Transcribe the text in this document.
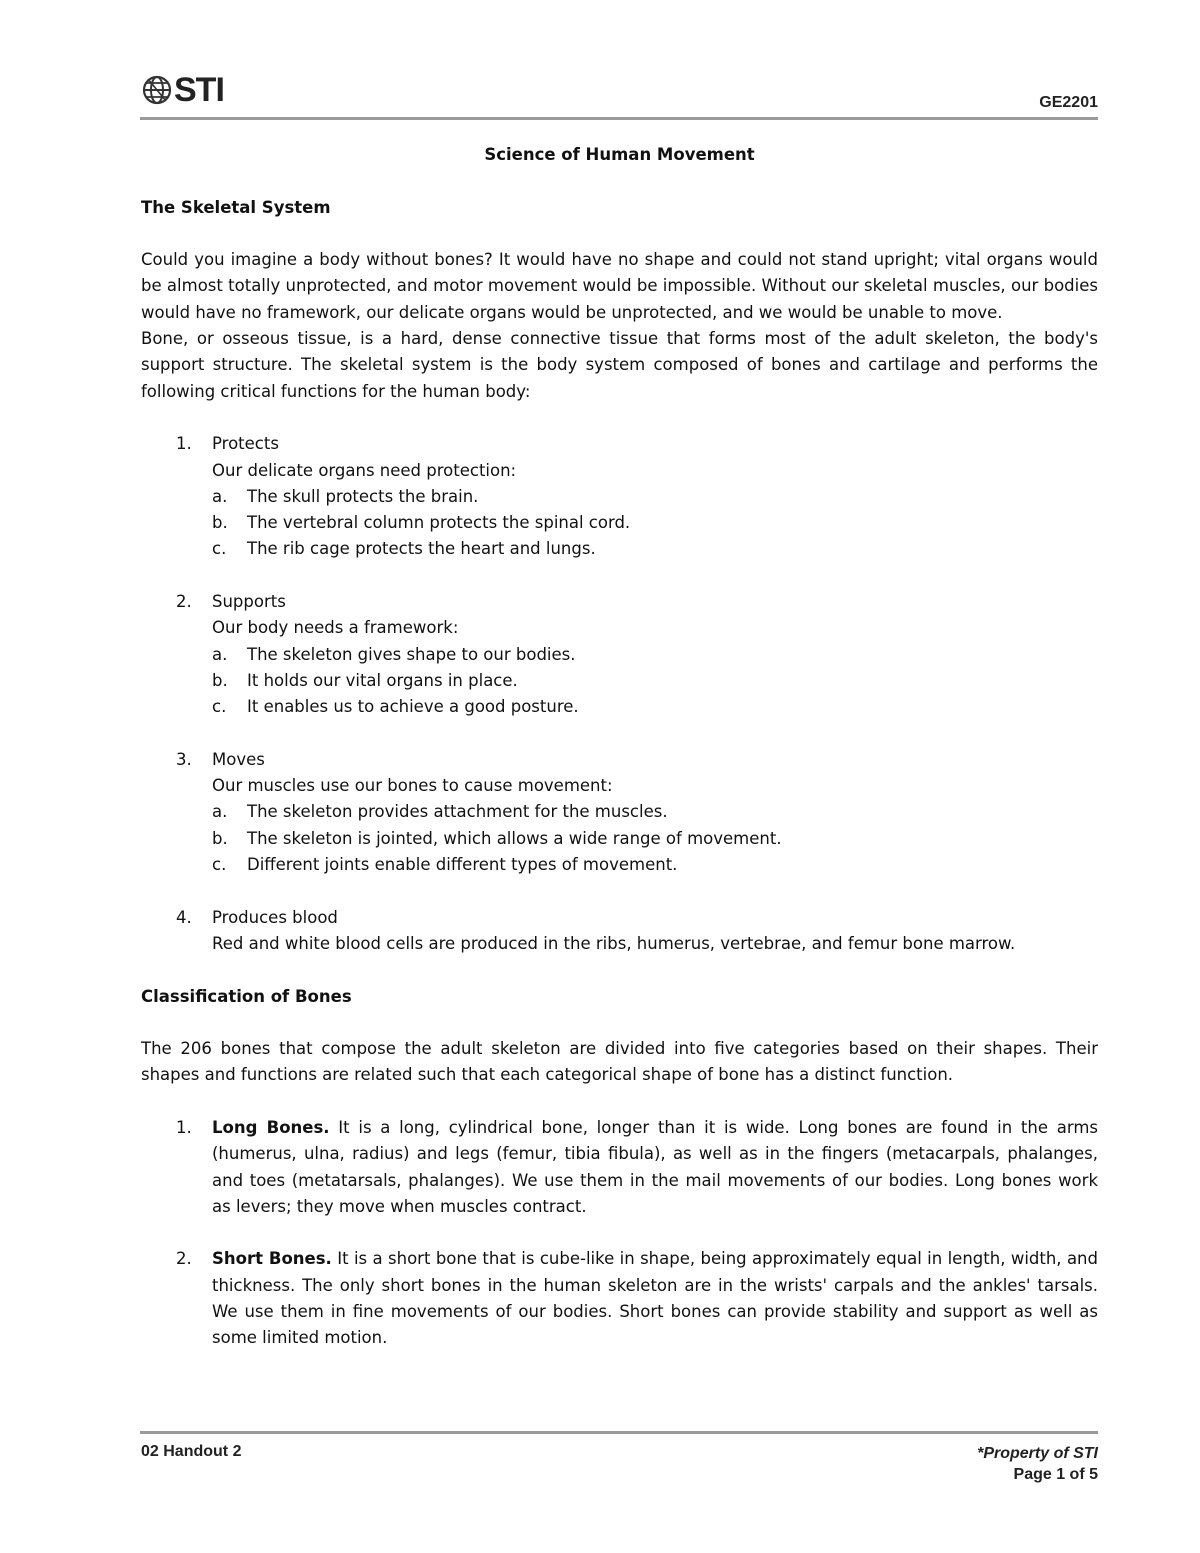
STI	GE2201
Science of Human Movement
The Skeletal System
Could you imagine a body without bones? It would have no shape and could not stand upright; vital organs would be almost totally unprotected, and motor movement would be impossible. Without our skeletal muscles, our bodies would have no framework, our delicate organs would be unprotected, and we would be unable to move.
Bone, or osseous tissue, is a hard, dense connective tissue that forms most of the adult skeleton, the body's support structure. The skeletal system is the body system composed of bones and cartilage and performs the following critical functions for the human body:
1. Protects
Our delicate organs need protection:
a. The skull protects the brain.
b. The vertebral column protects the spinal cord.
c. The rib cage protects the heart and lungs.
2. Supports
Our body needs a framework:
a. The skeleton gives shape to our bodies.
b. It holds our vital organs in place.
c. It enables us to achieve a good posture.
3. Moves
Our muscles use our bones to cause movement:
a. The skeleton provides attachment for the muscles.
b. The skeleton is jointed, which allows a wide range of movement.
c. Different joints enable different types of movement.
4. Produces blood
Red and white blood cells are produced in the ribs, humerus, vertebrae, and femur bone marrow.
Classification of Bones
The 206 bones that compose the adult skeleton are divided into five categories based on their shapes. Their shapes and functions are related such that each categorical shape of bone has a distinct function.
1. Long Bones. It is a long, cylindrical bone, longer than it is wide. Long bones are found in the arms (humerus, ulna, radius) and legs (femur, tibia fibula), as well as in the fingers (metacarpals, phalanges, and toes (metatarsals, phalanges). We use them in the mail movements of our bodies. Long bones work as levers; they move when muscles contract.
2. Short Bones. It is a short bone that is cube-like in shape, being approximately equal in length, width, and thickness. The only short bones in the human skeleton are in the wrists' carpals and the ankles' tarsals. We use them in fine movements of our bodies. Short bones can provide stability and support as well as some limited motion.
02 Handout 2	*Property of STI
Page 1 of 5
